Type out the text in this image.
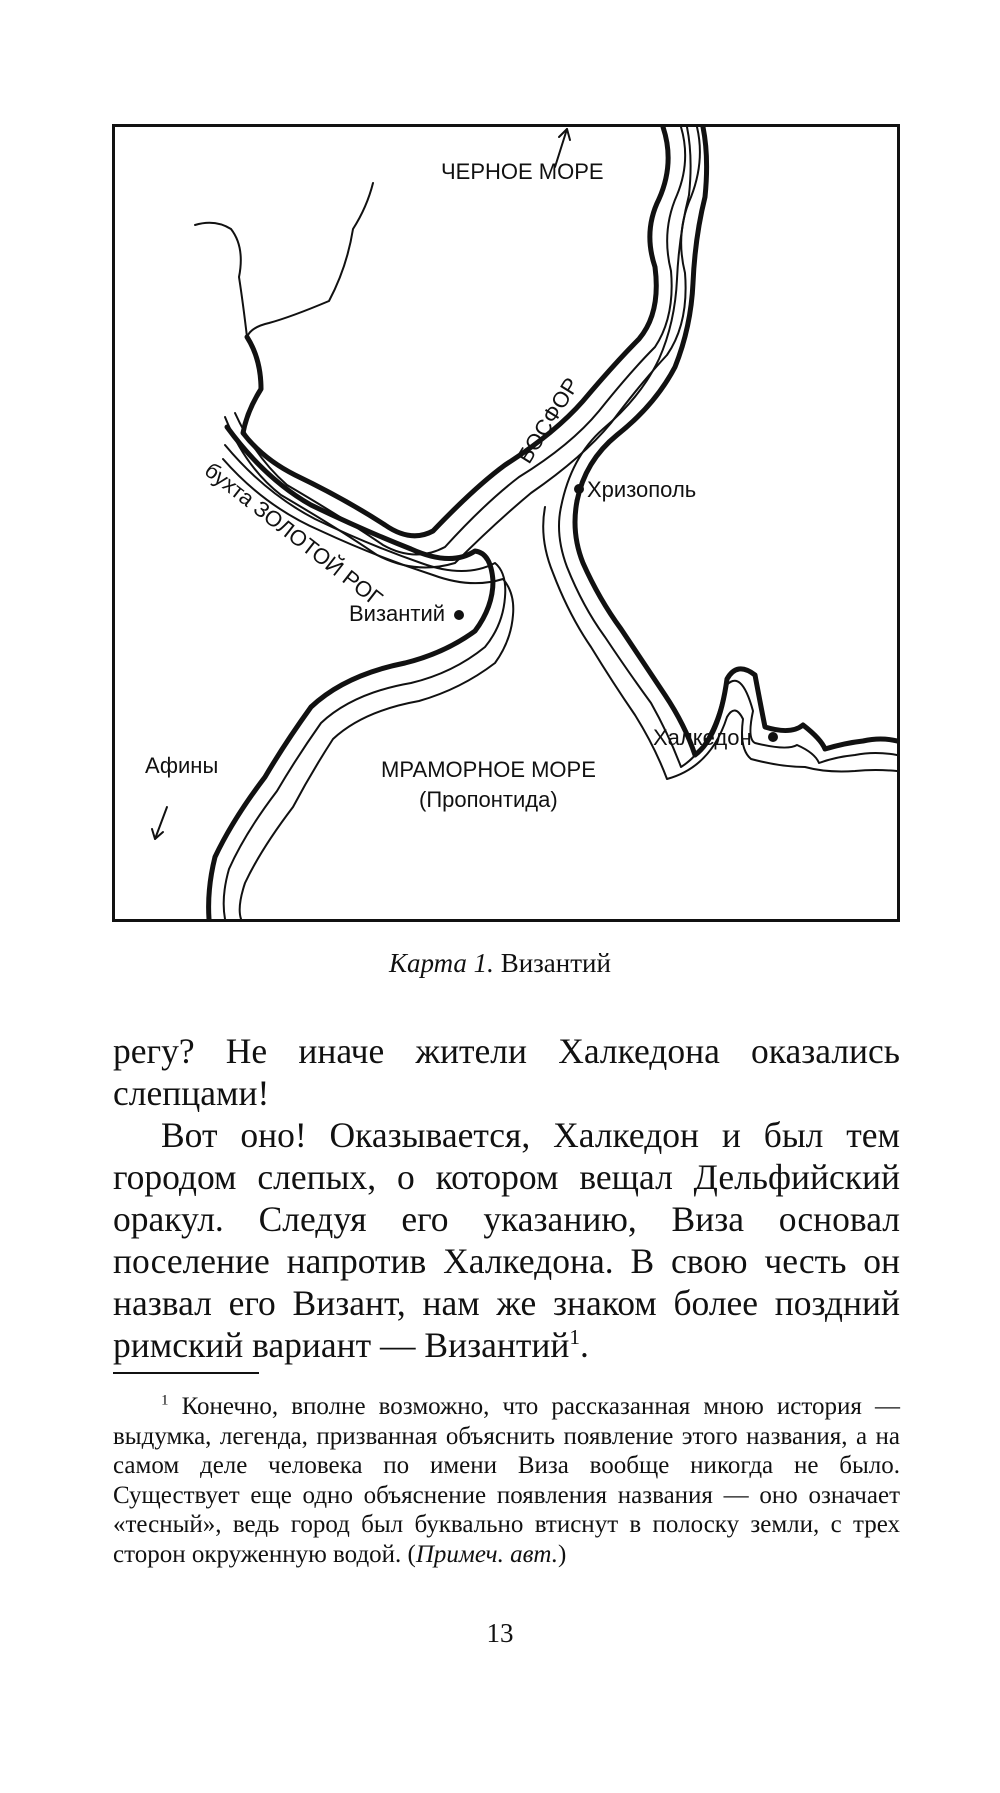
ЧЕРНОЕ МОРЕ
БОСФОР
Хризополь
бухта ЗОЛОТОЙ РОГ
Византий
Афины	МРАМОРНОЕ МОРЕ
(Пропонтида)
Халкедон
Карта 1. Византий

регу? Не иначе жители Халкедона оказались слепцами!

Вот оно! Оказывается, Халкедон и был тем городом слепых, о котором вещал Дельфийский оракул. Следуя его указанию, Виза основал поселение напротив Халкедона. В свою честь он назвал его Визант, нам же знаком более поздний римский вариант — Византий$^1$.

$^1$ Конечно, вполне возможно, что рассказанная мною история — выдумка, легенда, призванная объяснить появление этого названия, а на самом деле человека по имени Виза вообще никогда не было. Существует еще одно объяснение появления названия — оно означает «тесный», ведь город был буквально втиснут в полоску земли, с трех сторон окруженную водой. (Примеч. авт.)
13
